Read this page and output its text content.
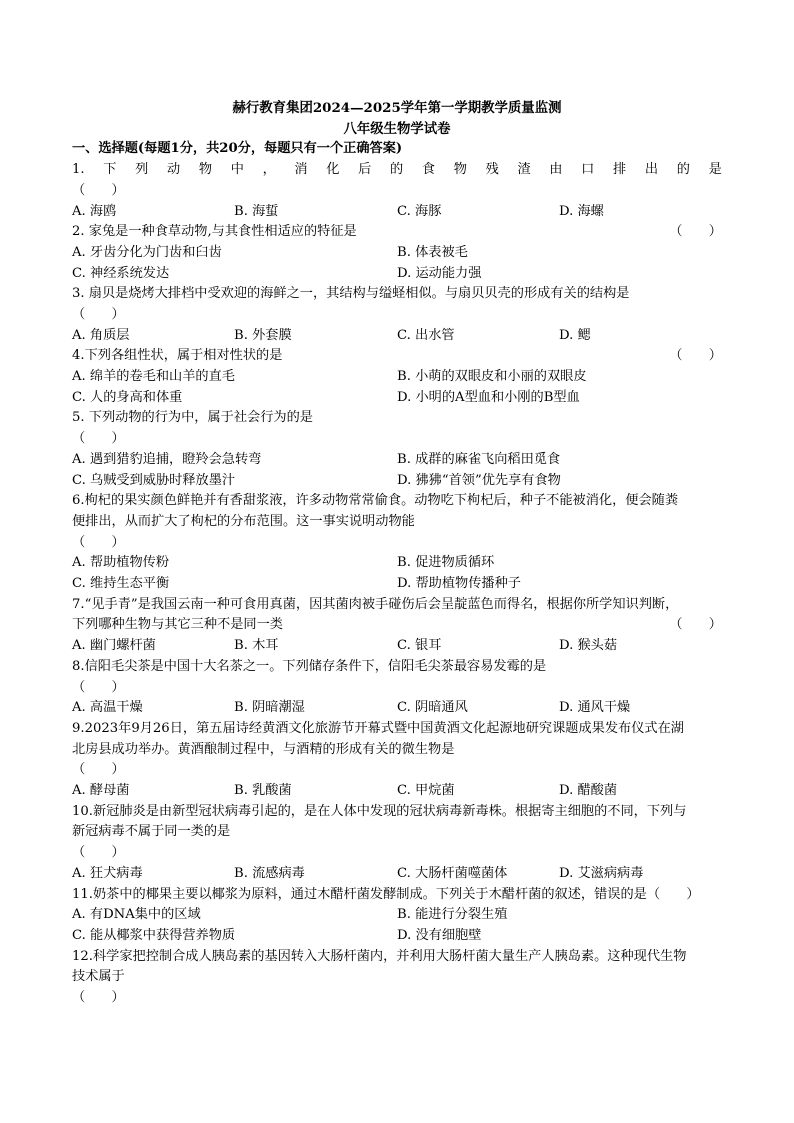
赫行教育集团2024—2025学年第一学期教学质量监测
八年级生物学试卷
一、选择题(每题1分，共20分，每题只有一个正确答案)
1. 下 列 动 物 中 ， 消 化 后 的 食 物 残 渣 由 口 排 出 的 是
（　　）
A. 海鸥	B. 海蜇	C. 海豚	D. 海螺
2. 家兔是一种食草动物,与其食性相适应的特征是	（　　）
A. 牙齿分化为门齿和臼齿	B. 体表被毛
C. 神经系统发达	D. 运动能力强
3. 扇贝是烧烤大排档中受欢迎的海鲜之一，其结构与缢蛏相似。与扇贝贝壳的形成有关的结构是
（　　）
A. 角质层	B. 外套膜	C. 出水管	D. 鳃
4.下列各组性状，属于相对性状的是	（　　）
A. 绵羊的卷毛和山羊的直毛	B. 小萌的双眼皮和小丽的双眼皮
C. 人的身高和体重	D. 小明的A型血和小刚的B型血
5. 下列动物的行为中，属于社会行为的是
（　　）
A. 遇到猎豹追捕，瞪羚会急转弯	B. 成群的麻雀飞向稻田觅食
C. 乌贼受到威胁时释放墨汁	D. 狒狒“首领”优先享有食物
6.枸杞的果实颜色鲜艳并有香甜浆液，许多动物常常偷食。动物吃下枸杞后，种子不能被消化，便会随粪
便排出，从而扩大了枸杞的分布范围。这一事实说明动物能
（　　）
A. 帮助植物传粉	B. 促进物质循环
C. 维持生态平衡	D. 帮助植物传播种子
7.“见手青”是我国云南一种可食用真菌，因其菌肉被手碰伤后会呈靛蓝色而得名，根据你所学知识判断，
下列哪种生物与其它三种不是同一类	（　　）
A. 幽门螺杆菌	B. 木耳	C. 银耳	D. 猴头菇
8.信阳毛尖茶是中国十大名茶之一。下列储存条件下，信阳毛尖茶最容易发霉的是
（　　）
A. 高温干燥	B. 阴暗潮湿	C. 阴暗通风	D. 通风干燥
9.2023年9月26日，第五届诗经黄酒文化旅游节开幕式暨中国黄酒文化起源地研究课题成果发布仪式在湖
北房县成功举办。黄酒酿制过程中，与酒精的形成有关的微生物是
（　　）
A. 酵母菌	B. 乳酸菌	C. 甲烷菌	D. 醋酸菌
10.新冠肺炎是由新型冠状病毒引起的，是在人体中发现的冠状病毒新毒株。根据寄主细胞的不同，下列与
新冠病毒不属于同一类的是
（　　）
A. 狂犬病毒	B. 流感病毒	C. 大肠杆菌噬菌体	D. 艾滋病病毒
11.奶茶中的椰果主要以椰浆为原料，通过木醋杆菌发酵制成。下列关于木醋杆菌的叙述，错误的是（　　）
A. 有DNA集中的区域	B. 能进行分裂生殖
C. 能从椰浆中获得营养物质	D. 没有细胞壁
12.科学家把控制合成人胰岛素的基因转入大肠杆菌内，并利用大肠杆菌大量生产人胰岛素。这种现代生物
技术属于
（　　）
